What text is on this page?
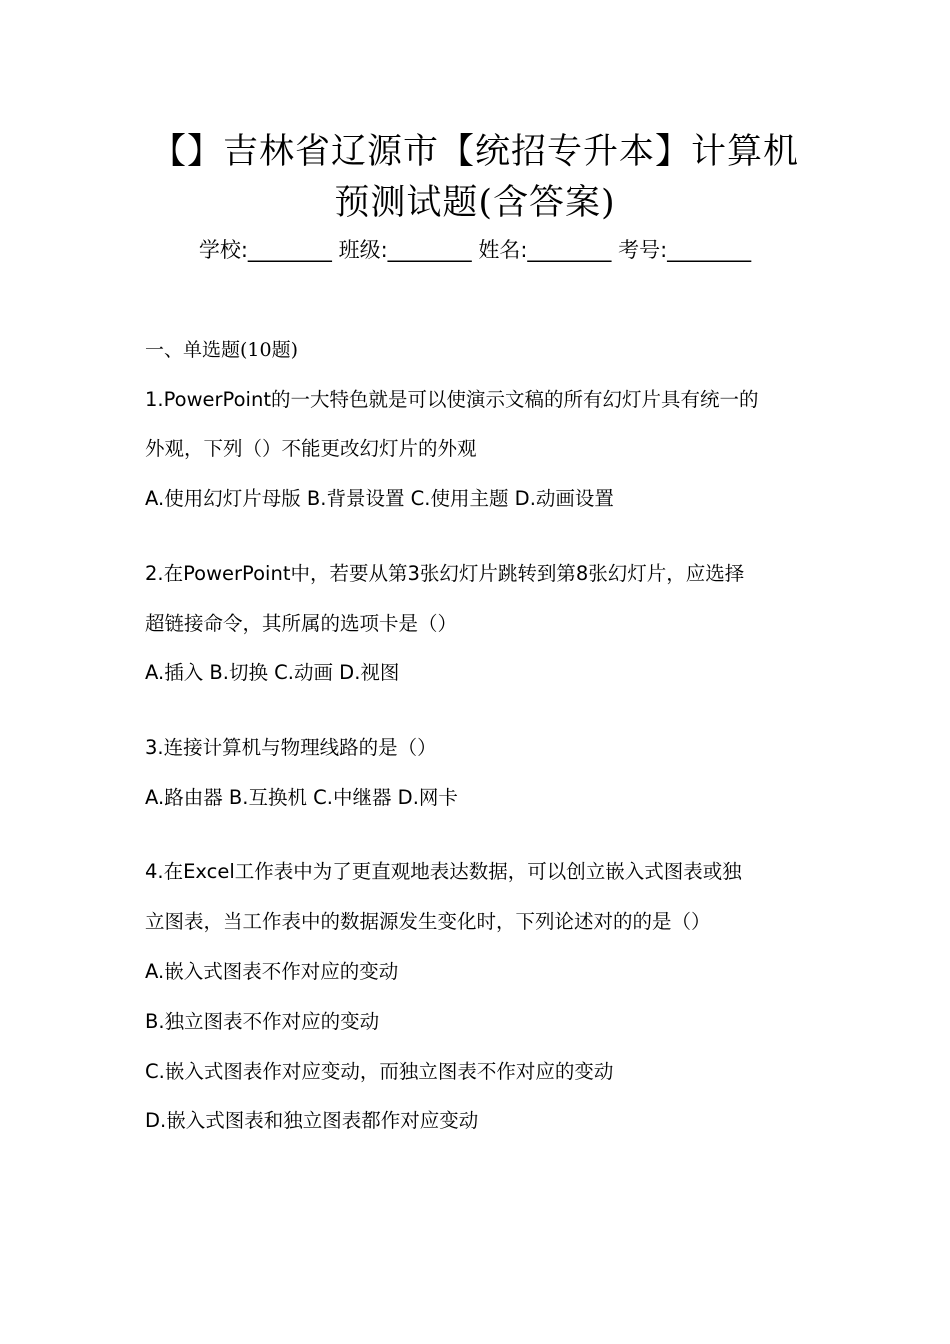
【】吉林省辽源市【统招专升本】计算机
预测试题(含答案)
学校:________ 班级:________ 姓名:________ 考号:________
一、单选题(10题)
1.PowerPoint的一大特色就是可以使演示文稿的所有幻灯片具有统一的
外观，下列（）不能更改幻灯片的外观
A.使用幻灯片母版 B.背景设置 C.使用主题 D.动画设置
2.在PowerPoint中，若要从第3张幻灯片跳转到第8张幻灯片，应选择
超链接命令，其所属的选项卡是（）
A.插入 B.切换 C.动画 D.视图
3.连接计算机与物理线路的是（）
A.路由器 B.互换机 C.中继器 D.网卡
4.在Excel工作表中为了更直观地表达数据，可以创立嵌入式图表或独
立图表，当工作表中的数据源发生变化时，下列论述对的的是（）
A.嵌入式图表不作对应的变动
B.独立图表不作对应的变动
C.嵌入式图表作对应变动，而独立图表不作对应的变动
D.嵌入式图表和独立图表都作对应变动
